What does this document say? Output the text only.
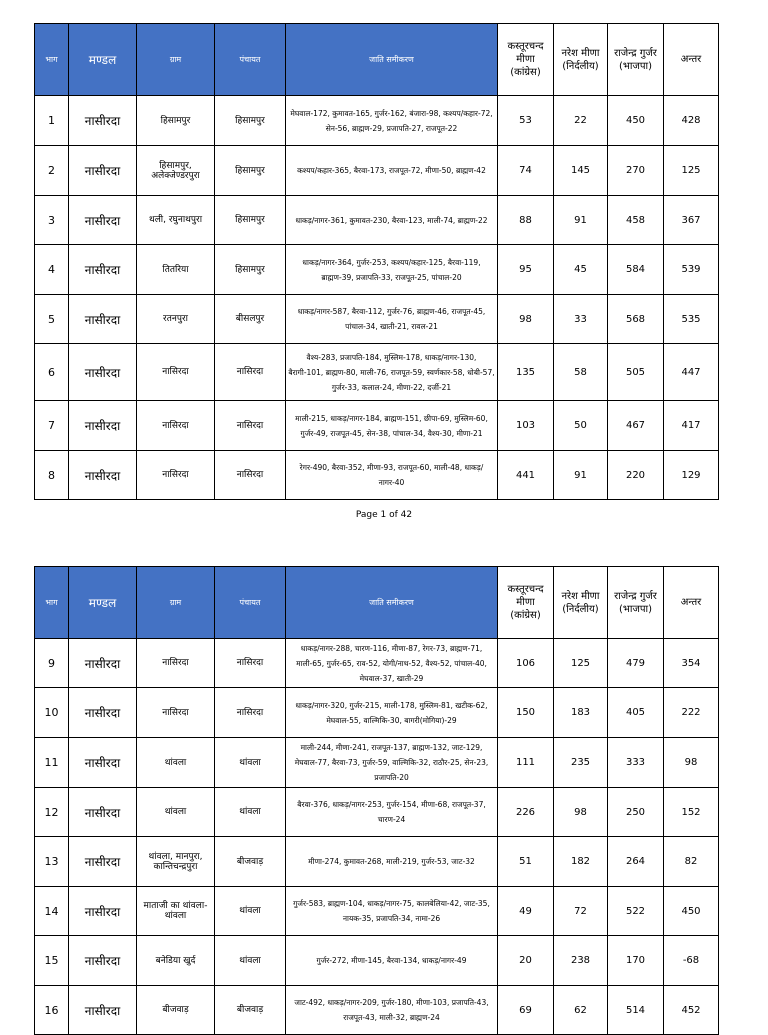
भाग	मण्डल	ग्राम	पंचायत	जाति समीकरण	कस्तूरचन्द मीणा (कांग्रेस)	नरेश मीणा (निर्दलीय)	राजेन्द्र गुर्जर (भाजपा)	अन्तर
1	नासीरदा	हिसामपुर	हिसामपुर	मेघवाल-172, कुमावत-165, गुर्जर-162, बंजारा-98, कश्यप/कहार-72, सेन-56, ब्राह्मण-29, प्रजापति-27, राजपूत-22	53	22	450	428
2	नासीरदा	हिसामपुर, अलेक्जेण्डरपुरा	हिसामपुर	कश्यप/कहार-365, बैरवा-173, राजपूत-72, मीणा-50, ब्राह्मण-42	74	145	270	125
3	नासीरदा	थली, रघुनाथपुरा	हिसामपुर	धाकड़/नागर-361, कुमावत-230, बैरवा-123, माली-74, ब्राह्मण-22	88	91	458	367
4	नासीरदा	तितरिया	हिसामपुर	धाकड़/नागर-364, गुर्जर-253, कश्यप/कहार-125, बैरवा-119, ब्राह्मण-39, प्रजापति-33, राजपूत-25, पांचाल-20	95	45	584	539
5	नासीरदा	रतनपुरा	बीसलपुर	धाकड़/नागर-587, बैरवा-112, गुर्जर-76, ब्राह्मण-46, राजपूत-45, पांचाल-34, खाती-21, रावल-21	98	33	568	535
6	नासीरदा	नासिरदा	नासिरदा	वैश्य-283, प्रजापति-184, मुस्लिम-178, धाकड़/नागर-130, बैरागी-101, ब्राह्मण-80, माली-76, राजपूत-59, स्वर्णकार-58, धोबी-57, गुर्जर-33, कलाल-24, मीणा-22, दर्जी-21	135	58	505	447
7	नासीरदा	नासिरदा	नासिरदा	माली-215, धाकड़/नागर-184, ब्राह्मण-151, छीपा-69, मुस्लिम-60, गुर्जर-49, राजपूत-45, सेन-38, पांचाल-34, वैश्य-30, मीणा-21	103	50	467	417
8	नासीरदा	नासिरदा	नासिरदा	रेगर-490, बैरवा-352, मीणा-93, राजपूत-60, माली-48, धाकड़/नागर-40	441	91	220	129
Page 1 of 42
भाग	मण्डल	ग्राम	पंचायत	जाति समीकरण	कस्तूरचन्द मीणा (कांग्रेस)	नरेश मीणा (निर्दलीय)	राजेन्द्र गुर्जर (भाजपा)	अन्तर
9	नासीरदा	नासिरदा	नासिरदा	धाकड़/नागर-288, चारण-116, मीणा-87, रेगर-73, ब्राह्मण-71, माली-65, गुर्जर-65, राव-52, योगी/नाथ-52, वैश्य-52, पांचाल-40, मेघवाल-37, खाती-29	106	125	479	354
10	नासीरदा	नासिरदा	नासिरदा	धाकड़/नागर-320, गुर्जर-215, माली-178, मुस्लिम-81, खटीक-62, मेघवाल-55, वाल्मिकि-30, बागरी(मोगिया)-29	150	183	405	222
11	नासीरदा	थांवला	थांवला	माली-244, मीणा-241, राजपूत-137, ब्राह्मण-132, जाट-129, मेघवाल-77, बैरवा-73, गुर्जर-59, वाल्मिकि-32, राठौर-25, सेन-23, प्रजापति-20	111	235	333	98
12	नासीरदा	थांवला	थांवला	बैरवा-376, धाकड़/नागर-253, गुर्जर-154, मीणा-68, राजपूत-37, चारण-24	226	98	250	152
13	नासीरदा	थांवला, मानपुरा, कान्तिचन्द्रपुरा	बीजवाड़	मीणा-274, कुमावत-268, माली-219, गुर्जर-53, जाट-32	51	182	264	82
14	नासीरदा	माताजी का थांवला-थांवला	थांवला	गुर्जर-583, ब्राह्मण-104, धाकड़/नागर-75, कालबेलिया-42, जाट-35, नायक-35, प्रजापति-34, नामा-26	49	72	522	450
15	नासीरदा	बनेडिया खुर्द	थांवला	गुर्जर-272, मीणा-145, बैरवा-134, धाकड़/नागर-49	20	238	170	-68
16	नासीरदा	बीजवाड़	बीजवाड़	जाट-492, धाकड़/नागर-209, गुर्जर-180, मीणा-103, प्रजापति-43, राजपूत-43, माली-32, ब्राह्मण-24	69	62	514	452
